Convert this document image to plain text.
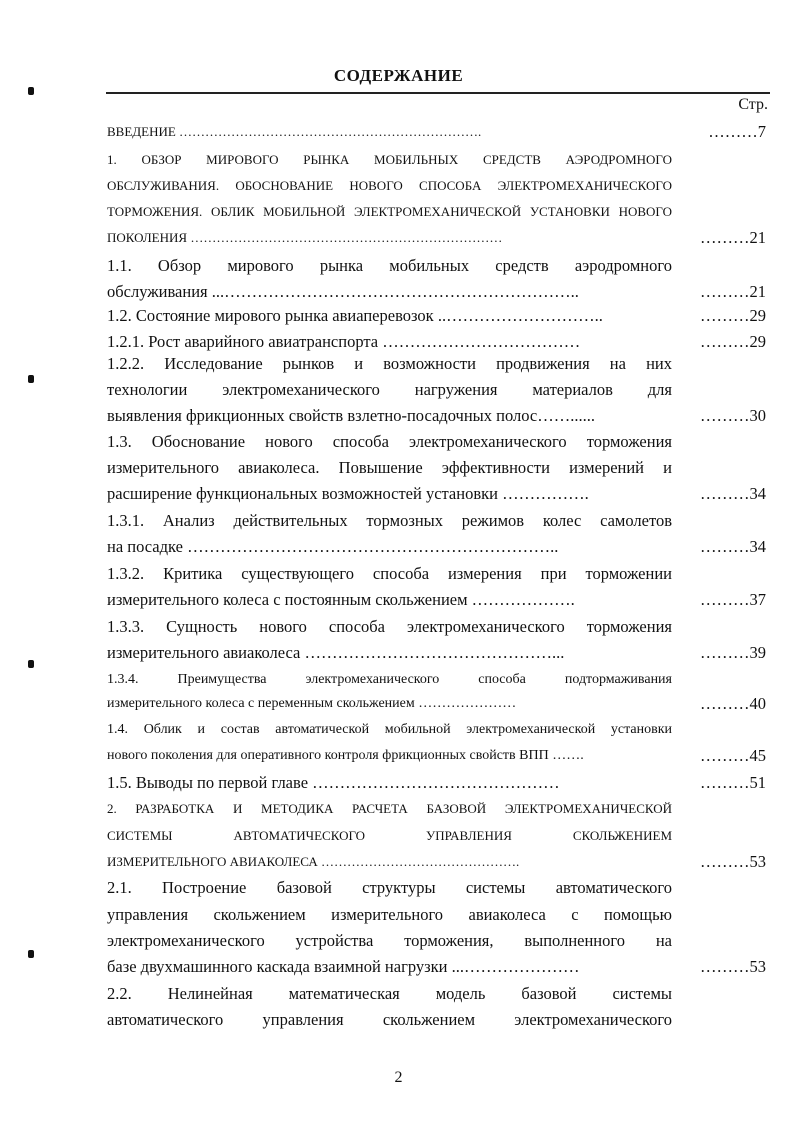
СОДЕРЖАНИЕ
Стр.
ВВЕДЕНИЕ …………………………………………………………….	………7
1. ОБЗОР МИРОВОГО РЫНКА МОБИЛЬНЫХ СРЕДСТВ АЭРОДРОМНОГО
ОБСЛУЖИВАНИЯ. ОБОСНОВАНИЕ НОВОГО СПОСОБА ЭЛЕКТРОМЕХАНИЧЕСКОГО
ТОРМОЖЕНИЯ. ОБЛИК МОБИЛЬНОЙ ЭЛЕКТРОМЕХАНИЧЕСКОЙ УСТАНОВКИ НОВОГО
ПОКОЛЕНИЯ ………………………………………………………………	………21
1.1. Обзор мирового рынка мобильных средств аэродромного
обслуживания ...………………………………………………………..	………21
1.2. Состояние мирового рынка авиаперевозок ..………………………..	………29
1.2.1. Рост аварийного авиатранспорта ………………………………	………29
1.2.2. Исследование рынков и возможности продвижения на них
технологии электромеханического нагружения материалов для
выявления фрикционных свойств взлетно-посадочных полос……......	………30
1.3. Обоснование нового способа электромеханического торможения
измерительного авиаколеса. Повышение эффективности измерений и
расширение функциональных возможностей установки …………….	………34
1.3.1. Анализ действительных тормозных режимов колес самолетов
на посадке …………………………………………………………..	………34
1.3.2. Критика существующего способа измерения при торможении
измерительного колеса с постоянным скольжением ……………….	………37
1.3.3. Сущность нового способа электромеханического торможения
измерительного авиаколеса ………………………………………...	………39
1.3.4. Преимущества электромеханического способа подтормаживания
измерительного колеса с переменным скольжением …………………	………40
1.4. Облик и состав автоматической мобильной электромеханической установки
нового поколения для оперативного контроля фрикционных свойств ВПП …….	………45
1.5. Выводы по первой главе ………………………………………	………51
2. РАЗРАБОТКА И МЕТОДИКА РАСЧЕТА БАЗОВОЙ ЭЛЕКТРОМЕХАНИЧЕСКОЙ
СИСТЕМЫ АВТОМАТИЧЕСКОГО УПРАВЛЕНИЯ СКОЛЬЖЕНИЕМ
ИЗМЕРИТЕЛЬНОГО АВИАКОЛЕСА ……………………………………….	………53
2.1. Построение базовой структуры системы автоматического
управления скольжением измерительного авиаколеса с помощью
электромеханического устройства торможения, выполненного на
базе двухмашинного каскада взаимной нагрузки ...…………………	………53
2.2. Нелинейная математическая модель базовой системы
автоматического управления скольжением электромеханического
2
